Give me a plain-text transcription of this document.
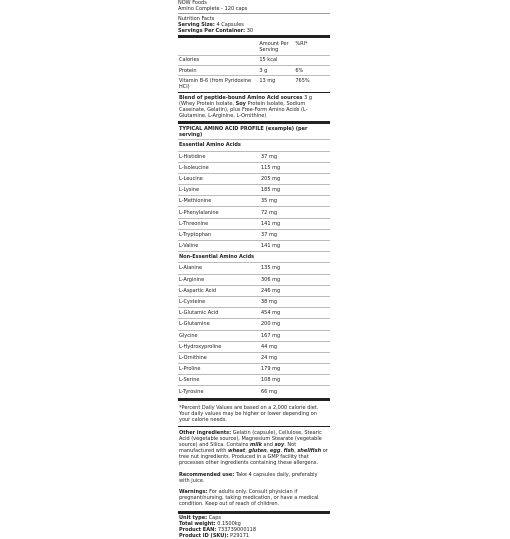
NOW Foods
Amino Complete - 120 caps
Nutrition Facts
Serving Size: 4 Capsules
Servings Per Container: 30
	Amount Per Serving	%RI*
Calories	15 kcal	
Protein	3 g	6%
Vitamin B-6 (from Pyridoxine HCl)	13 mg	765%
Blend of peptide-bound Amino Acid sources 3 g (Whey Protein Isolate, Soy Protein Isolate, Sodium Caseinate, Gelatin), plus Free-Form Amino Acids (L-Glutamine, L-Arginine, L-Ornithine)
TYPICAL AMINO ACID PROFILE (example) (per serving)
Essential Amino Acids
L-Histidine	37 mg
L-Isoleucine	115 mg
L-Leucine	205 mg
L-Lysine	185 mg
L-Methionine	35 mg
L-Phenylalanine	72 mg
L-Threonine	141 mg
L-Tryptophan	37 mg
L-Valine	141 mg
Non-Essential Amino Acids
L-Alanine	135 mg
L-Arginine	306 mg
L-Aspartic Acid	246 mg
L-Cysteine	38 mg
L-Glutamic Acid	454 mg
L-Glutamine	200 mg
Glycine	167 mg
L-Hydroxyproline	44 mg
L-Ornithine	24 mg
L-Proline	179 mg
L-Serine	108 mg
L-Tyrosine	66 mg
*Percent Daily Values are based on a 2,000 calorie diet. Your daily values may be higher or lower depending on your calorie needs.
Other ingredients: Gelatin (capsule), Cellulose, Stearic Acid (vegetable source), Magnesium Stearate (vegetable source) and Silica. Contains milk and soy. Not manufactured with wheat, gluten, egg, fish, shellfish or tree nut ingredients. Produced in a GMP facility that processes other ingredients containing these allergens.
Recommended use: Take 4 capsules daily, preferably with juice.
Warnings: For adults only. Consult physician if pregnant/nursing, taking medication, or have a medical condition. Keep out of reach of children.
Unit type: Caps
Total weight: 0.1500kg
Product EAN: 733739000118
Product ID (SKU): P29171
